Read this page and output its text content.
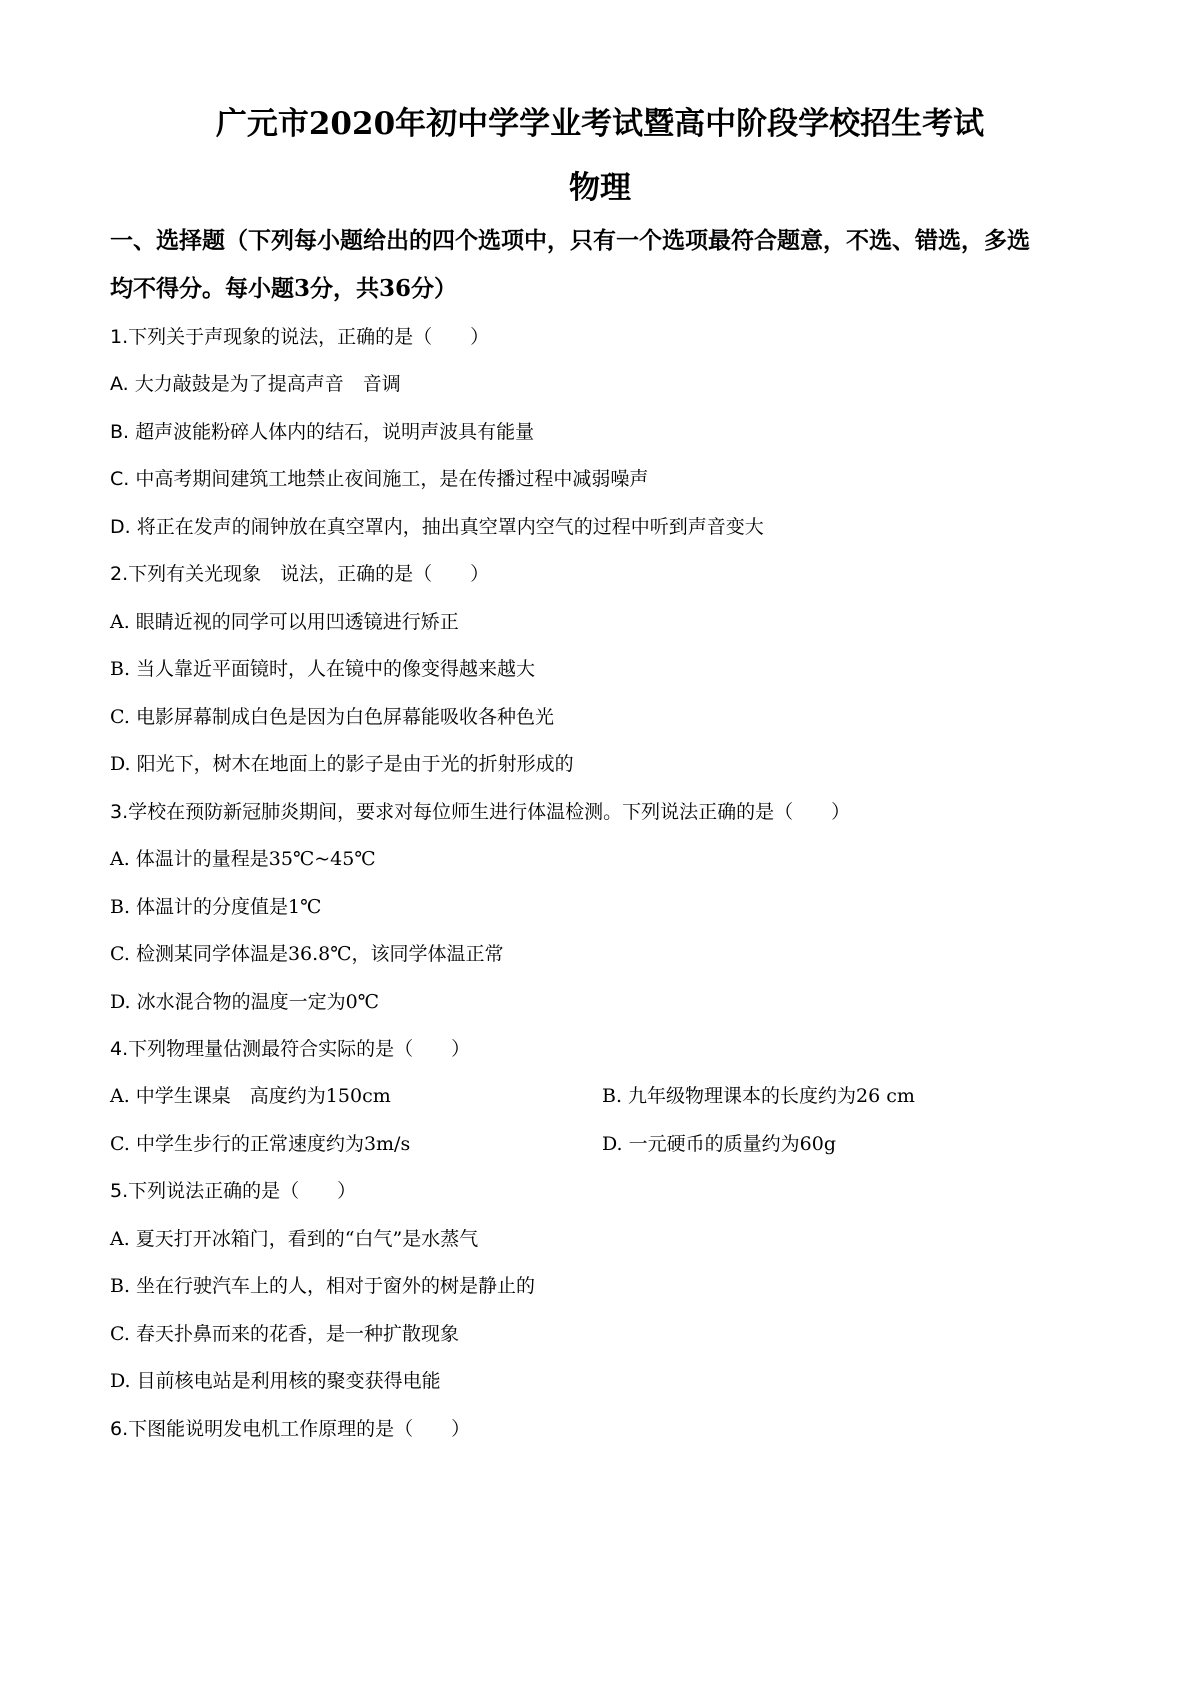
广元市2020年初中学学业考试暨高中阶段学校招生考试
物理
一、选择题（下列每小题给出的四个选项中，只有一个选项最符合题意，不选、错选，多选
均不得分。每小题3分，共36分）
1.下列关于声现象的说法，正确的是（　　）
A. 大力敲鼓是为了提高声音　音调
B. 超声波能粉碎人体内的结石，说明声波具有能量
C. 中高考期间建筑工地禁止夜间施工，是在传播过程中减弱噪声
D. 将正在发声的闹钟放在真空罩内，抽出真空罩内空气的过程中听到声音变大
2.下列有关光现象　说法，正确的是（　　）
A. 眼睛近视的同学可以用凹透镜进行矫正
B. 当人靠近平面镜时，人在镜中的像变得越来越大
C. 电影屏幕制成白色是因为白色屏幕能吸收各种色光
D. 阳光下，树木在地面上的影子是由于光的折射形成的
3.学校在预防新冠肺炎期间，要求对每位师生进行体温检测。下列说法正确的是（　　）
A. 体温计的量程是35℃~45℃
B. 体温计的分度值是1℃
C. 检测某同学体温是36.8℃，该同学体温正常
D. 冰水混合物的温度一定为0℃
4.下列物理量估测最符合实际的是（　　）
A. 中学生课桌　高度约为150cm	B. 九年级物理课本的长度约为26 cm
C. 中学生步行的正常速度约为3m/s	D. 一元硬币的质量约为60g
5.下列说法正确的是（　　）
A. 夏天打开冰箱门，看到的“白气”是水蒸气
B. 坐在行驶汽车上的人，相对于窗外的树是静止的
C. 春天扑鼻而来的花香，是一种扩散现象
D. 目前核电站是利用核的聚变获得电能
6.下图能说明发电机工作原理的是（　　）
